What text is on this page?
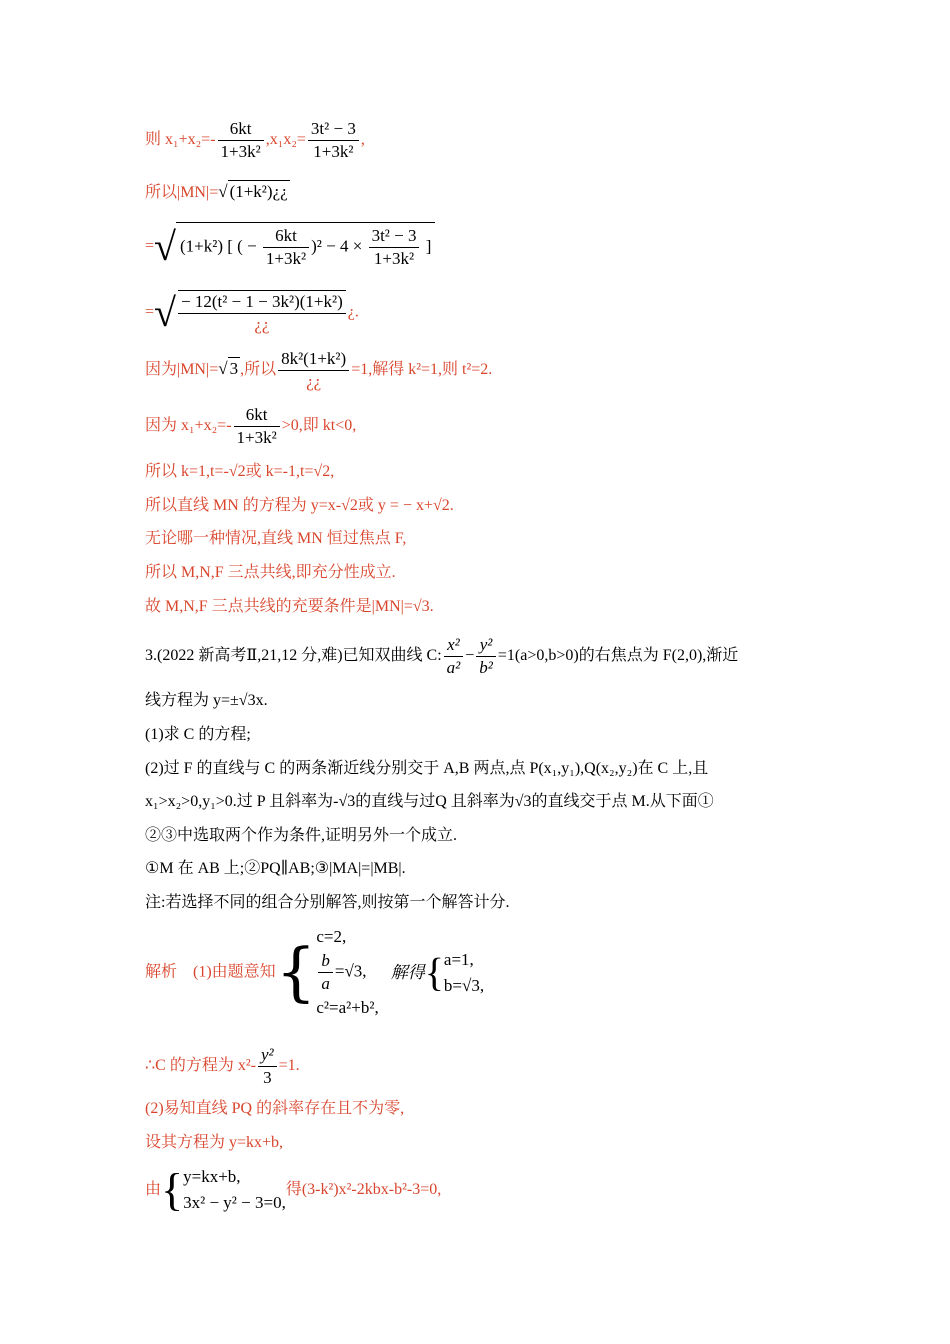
则 $x_1+x_2=- \frac{6kt}{\text{1+3k²}} ,x_1x_2= \frac{\text{3t² − 3}}{\text{1+3k²}}$ ,
所以|MN|=√ (1+k²)¿¿
=√ (1+k²) [ ( − $\frac{6kt}{\text{1+3k²}} )^2 - 4 \times \frac{\text{3t² − 3}}{\text{1+3k²}}$ ]
=√ $\frac{\text{− 12(t² − 1 − 3k²)(1+k²)}}{¿¿}$ ¿.
因为|MN|=√ 3 ,所以 $\frac{\text{8k²(1+k²)}}{¿¿} =1$,解得 k²=1,则 t²=2.
因为 $x_1+x_2=- \frac{6kt}{\text{1+3k²}} >0$,即 kt<0,
所以 k=1,t=-√2或 k=-1,t=√2,
所以直线 MN 的方程为 y=x-√2或 y = − x+√2.
无论哪一种情况,直线 MN 恒过焦点 F,
所以 M,N,F 三点共线,即充分性成立.
故 M,N,F 三点共线的充要条件是|MN|=√3.
3.(2022 新高考Ⅱ,21,12 分,难)已知双曲线 C: $\frac{\text{x²}}{\text{a²}} - \frac{\text{y²}}{\text{b²}} =1(a>0,b>0)$的右焦点为 F(2,0),渐近
线方程为 y=±√3x.
(1)求 C 的方程;
(2)过 F 的直线与 C 的两条渐近线分别交于 A,B 两点,点 P(x₁,y₁),Q(x₂,y₂)在 C 上,且
x₁>x₂>0,y₁>0.过 P 且斜率为-√3的直线与过Q 且斜率为√3的直线交于点 M.从下面①
②③中选取两个作为条件,证明另外一个成立.
①M 在 AB 上;②PQ∥AB;③|MA|=|MB|.
注:若选择不同的组合分别解答,则按第一个解答计分.
解析　(1)由题意知{ c=2,
$\frac{b}{a} =√3$,
c²=a²+b²,
解得{ a=1,
b=√3,
∴C 的方程为 $x^2- \frac{\text{y²}}{3} =1$.
(2)易知直线 PQ 的斜率存在且不为零,
设其方程为 y=kx+b,
由{ y=kx+b,
3x² − y² − 3=0,
得(3-k²)x²-2kbx-b²-3=0,
